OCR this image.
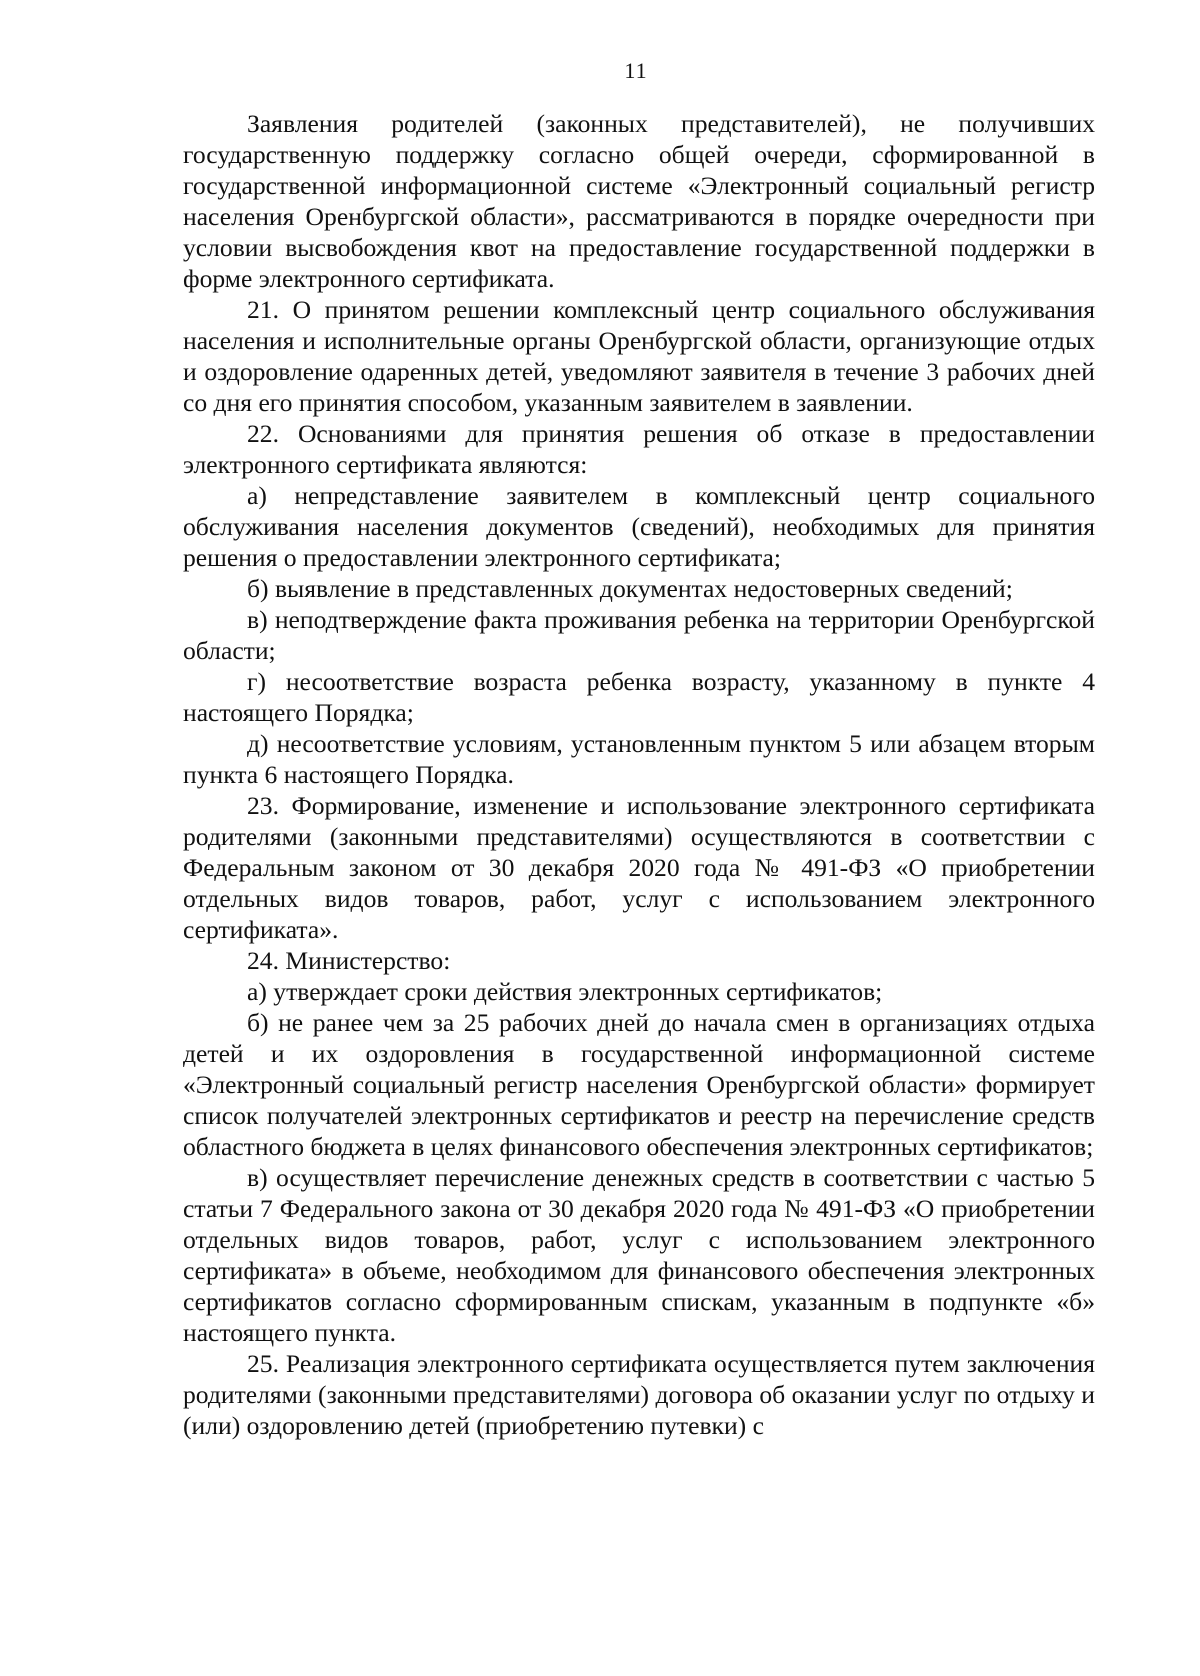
11

Заявления родителей (законных представителей), не получивших государственную поддержку согласно общей очереди, сформированной в государственной информационной системе «Электронный социальный регистр населения Оренбургской области», рассматриваются в порядке очередности при условии высвобождения квот на предоставление государственной поддержки в форме электронного сертификата.

21. О принятом решении комплексный центр социального обслуживания населения и исполнительные органы Оренбургской области, организующие отдых и оздоровление одаренных детей, уведомляют заявителя в течение 3 рабочих дней со дня его принятия способом, указанным заявителем в заявлении.

22. Основаниями для принятия решения об отказе в предоставлении электронного сертификата являются:

а) непредставление заявителем в комплексный центр социального обслуживания населения документов (сведений), необходимых для принятия решения о предоставлении электронного сертификата;

б) выявление в представленных документах недостоверных сведений;

в) неподтверждение факта проживания ребенка на территории Оренбургской области;

г) несоответствие возраста ребенка возрасту, указанному в пункте 4 настоящего Порядка;

д) несоответствие условиям, установленным пунктом 5 или абзацем вторым пункта 6 настоящего Порядка.

23. Формирование, изменение и использование электронного сертификата родителями (законными представителями) осуществляются в соответствии с Федеральным законом от 30 декабря 2020 года № 491-ФЗ «О приобретении отдельных видов товаров, работ, услуг с использованием электронного сертификата».

24. Министерство:

а) утверждает сроки действия электронных сертификатов;

б) не ранее чем за 25 рабочих дней до начала смен в организациях отдыха детей и их оздоровления в государственной информационной системе «Электронный социальный регистр населения Оренбургской области» формирует список получателей электронных сертификатов и реестр на перечисление средств областного бюджета в целях финансового обеспечения электронных сертификатов;

в) осуществляет перечисление денежных средств в соответствии с частью 5 статьи 7 Федерального закона от 30 декабря 2020 года № 491-ФЗ «О приобретении отдельных видов товаров, работ, услуг с использованием электронного сертификата» в объеме, необходимом для финансового обеспечения электронных сертификатов согласно сформированным спискам, указанным в подпункте «б» настоящего пункта.

25. Реализация электронного сертификата осуществляется путем заключения родителями (законными представителями) договора об оказании услуг по отдыху и (или) оздоровлению детей (приобретению путевки) с
